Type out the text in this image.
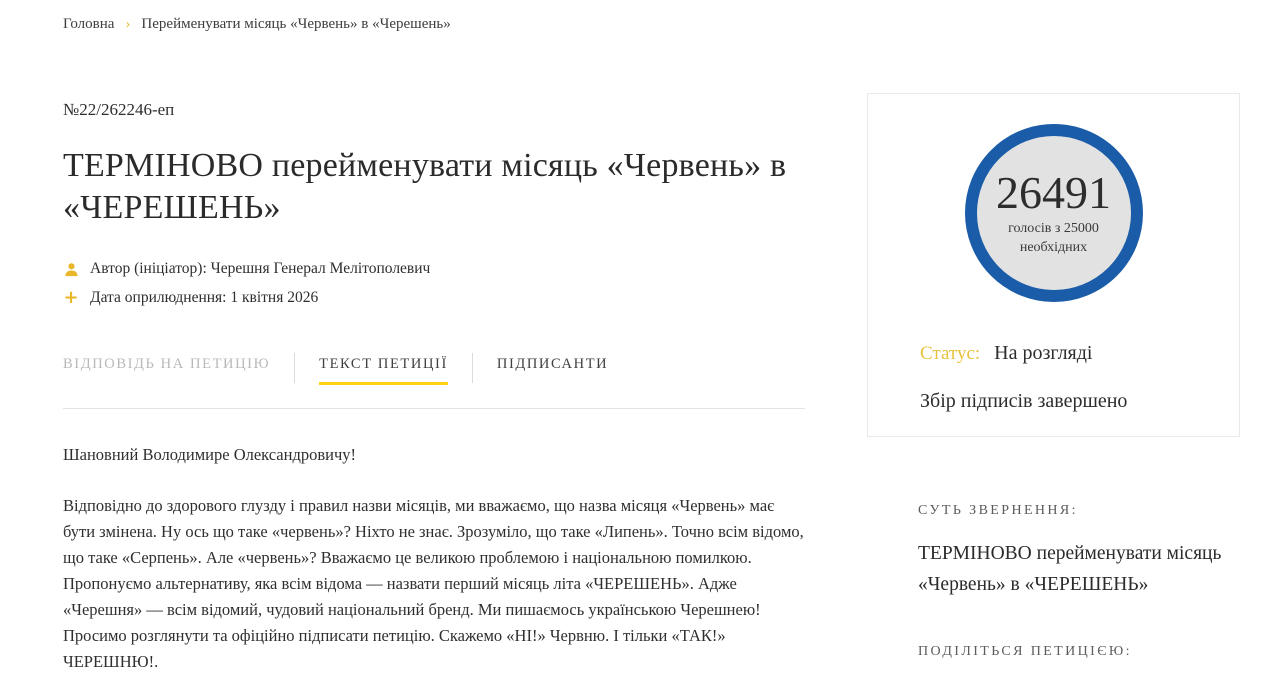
Головна › Перейменувати місяць «Червень» в «Черешень»
№22/262246-еп
ТЕРМІНОВО перейменувати місяць «Червень» в «ЧЕРЕШЕНЬ»
Автор (ініціатор): Черешня Генерал Мелітополевич
+ Дата оприлюднення: 1 квітня 2026
ВІДПОВІДЬ НА ПЕТИЦІЮ	ТЕКСТ ПЕТИЦІЇ	ПІДПИСАНТИ
Шановний Володимире Олександровичу!
Відповідно до здорового глузду і правил назви місяців, ми вважаємо, що назва місяця «Червень» має бути змінена. Ну ось що таке «червень»? Ніхто не знає. Зрозуміло, що таке «Липень». Точно всім відомо, що таке «Серпень». Але «червень»? Вважаємо це великою проблемою і національною помилкою. Пропонуємо альтернативу, яка всім відома — назвати перший місяць літа «ЧЕРЕШЕНЬ». Адже «Черешня» — всім відомий, чудовий національний бренд. Ми пишаємось українською Черешнею! Просимо розглянути та офіційно підписати петицію. Скажемо «НІ!» Червню. І тільки «ТАК!» ЧЕРЕШНЮ!.
26491
голосів з 25000
необхідних
Статус: На розгляді
Збір підписів завершено
СУТЬ ЗВЕРНЕННЯ:
ТЕРМІНОВО перейменувати місяць «Червень» в «ЧЕРЕШЕНЬ»
ПОДІЛІТЬСЯ ПЕТИЦІЄЮ:
